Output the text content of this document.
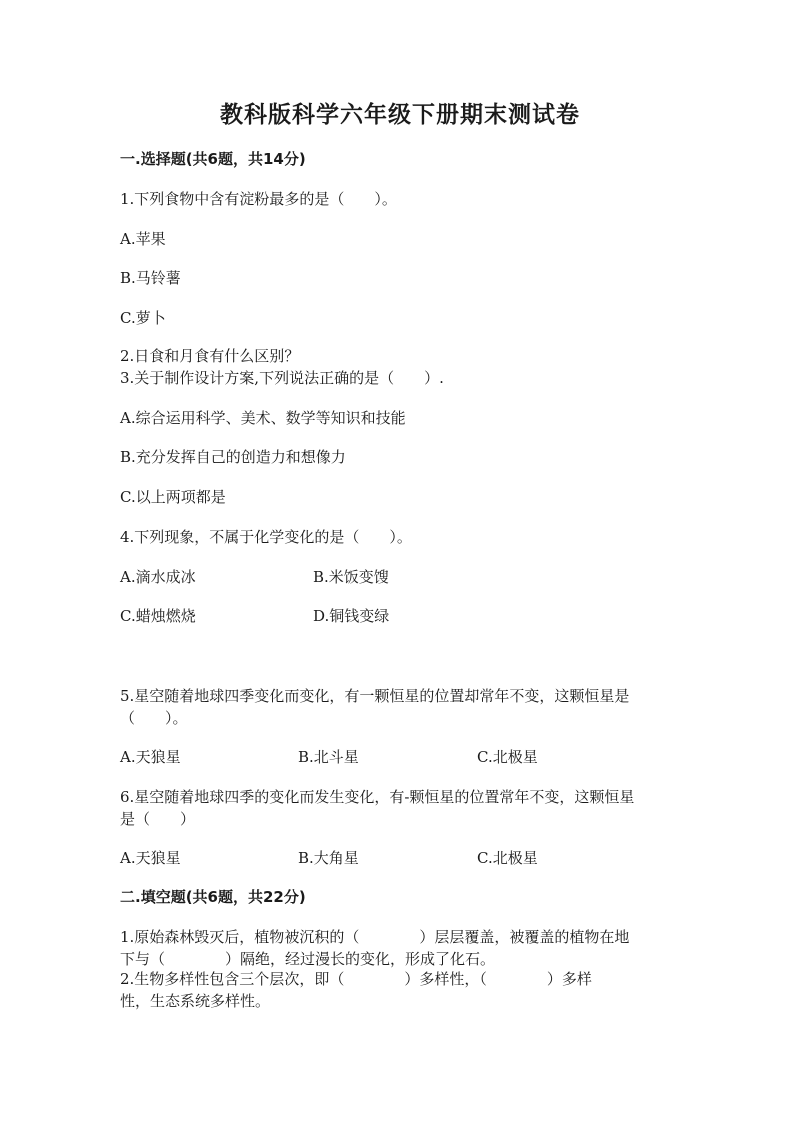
教科版科学六年级下册期末测试卷
一.选择题(共6题，共14分)
1.下列食物中含有淀粉最多的是（　　）。
A.苹果
B.马铃薯
C.萝卜
2.日食和月食有什么区别？
3.关于制作设计方案,下列说法正确的是（　　）.
A.综合运用科学、美术、数学等知识和技能
B.充分发挥自己的创造力和想像力
C.以上两项都是
4.下列现象，不属于化学变化的是（　　）。
A.滴水成冰	B.米饭变馊
C.蜡烛燃烧	D.铜钱变绿
5.星空随着地球四季变化而变化，有一颗恒星的位置却常年不变，这颗恒星是
（　　）。
A.天狼星	B.北斗星	C.北极星
6.星空随着地球四季的变化而发生变化，有-颗恒星的位置常年不变，这颗恒星
是（　　）
A.天狼星	B.大角星	C.北极星
二.填空题(共6题，共22分)
1.原始森林毁灭后，植物被沉积的（　　　　）层层覆盖，被覆盖的植物在地
下与（　　　　）隔绝，经过漫长的变化，形成了化石。
2.生物多样性包含三个层次，即（　　　　）多样性，（　　　　）多样
性，生态系统多样性。
